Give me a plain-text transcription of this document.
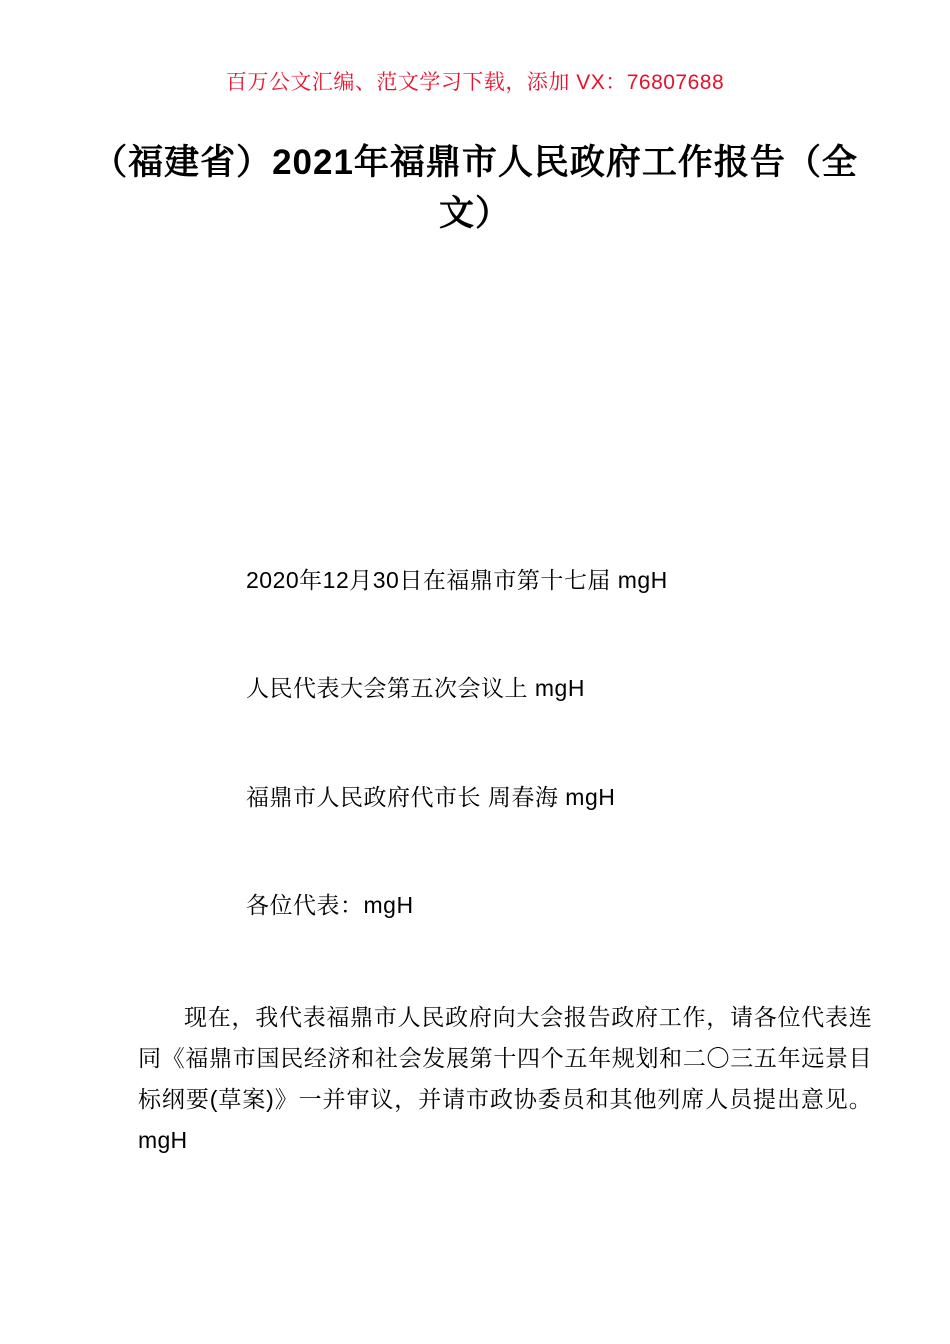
百万公文汇编、范文学习下载，添加 VX：76807688
（福建省）2021年福鼎市人民政府工作报告（全文）

2020年12月30日在福鼎市第十七届 mgH

人民代表大会第五次会议上 mgH

福鼎市人民政府代市长 周春海 mgH

各位代表：mgH

现在，我代表福鼎市人民政府向大会报告政府工作，请各位代表连同《福鼎市国民经济和社会发展第十四个五年规划和二〇三五年远景目标纲要(草案)》一并审议，并请市政协委员和其他列席人员提出意见。mgH
